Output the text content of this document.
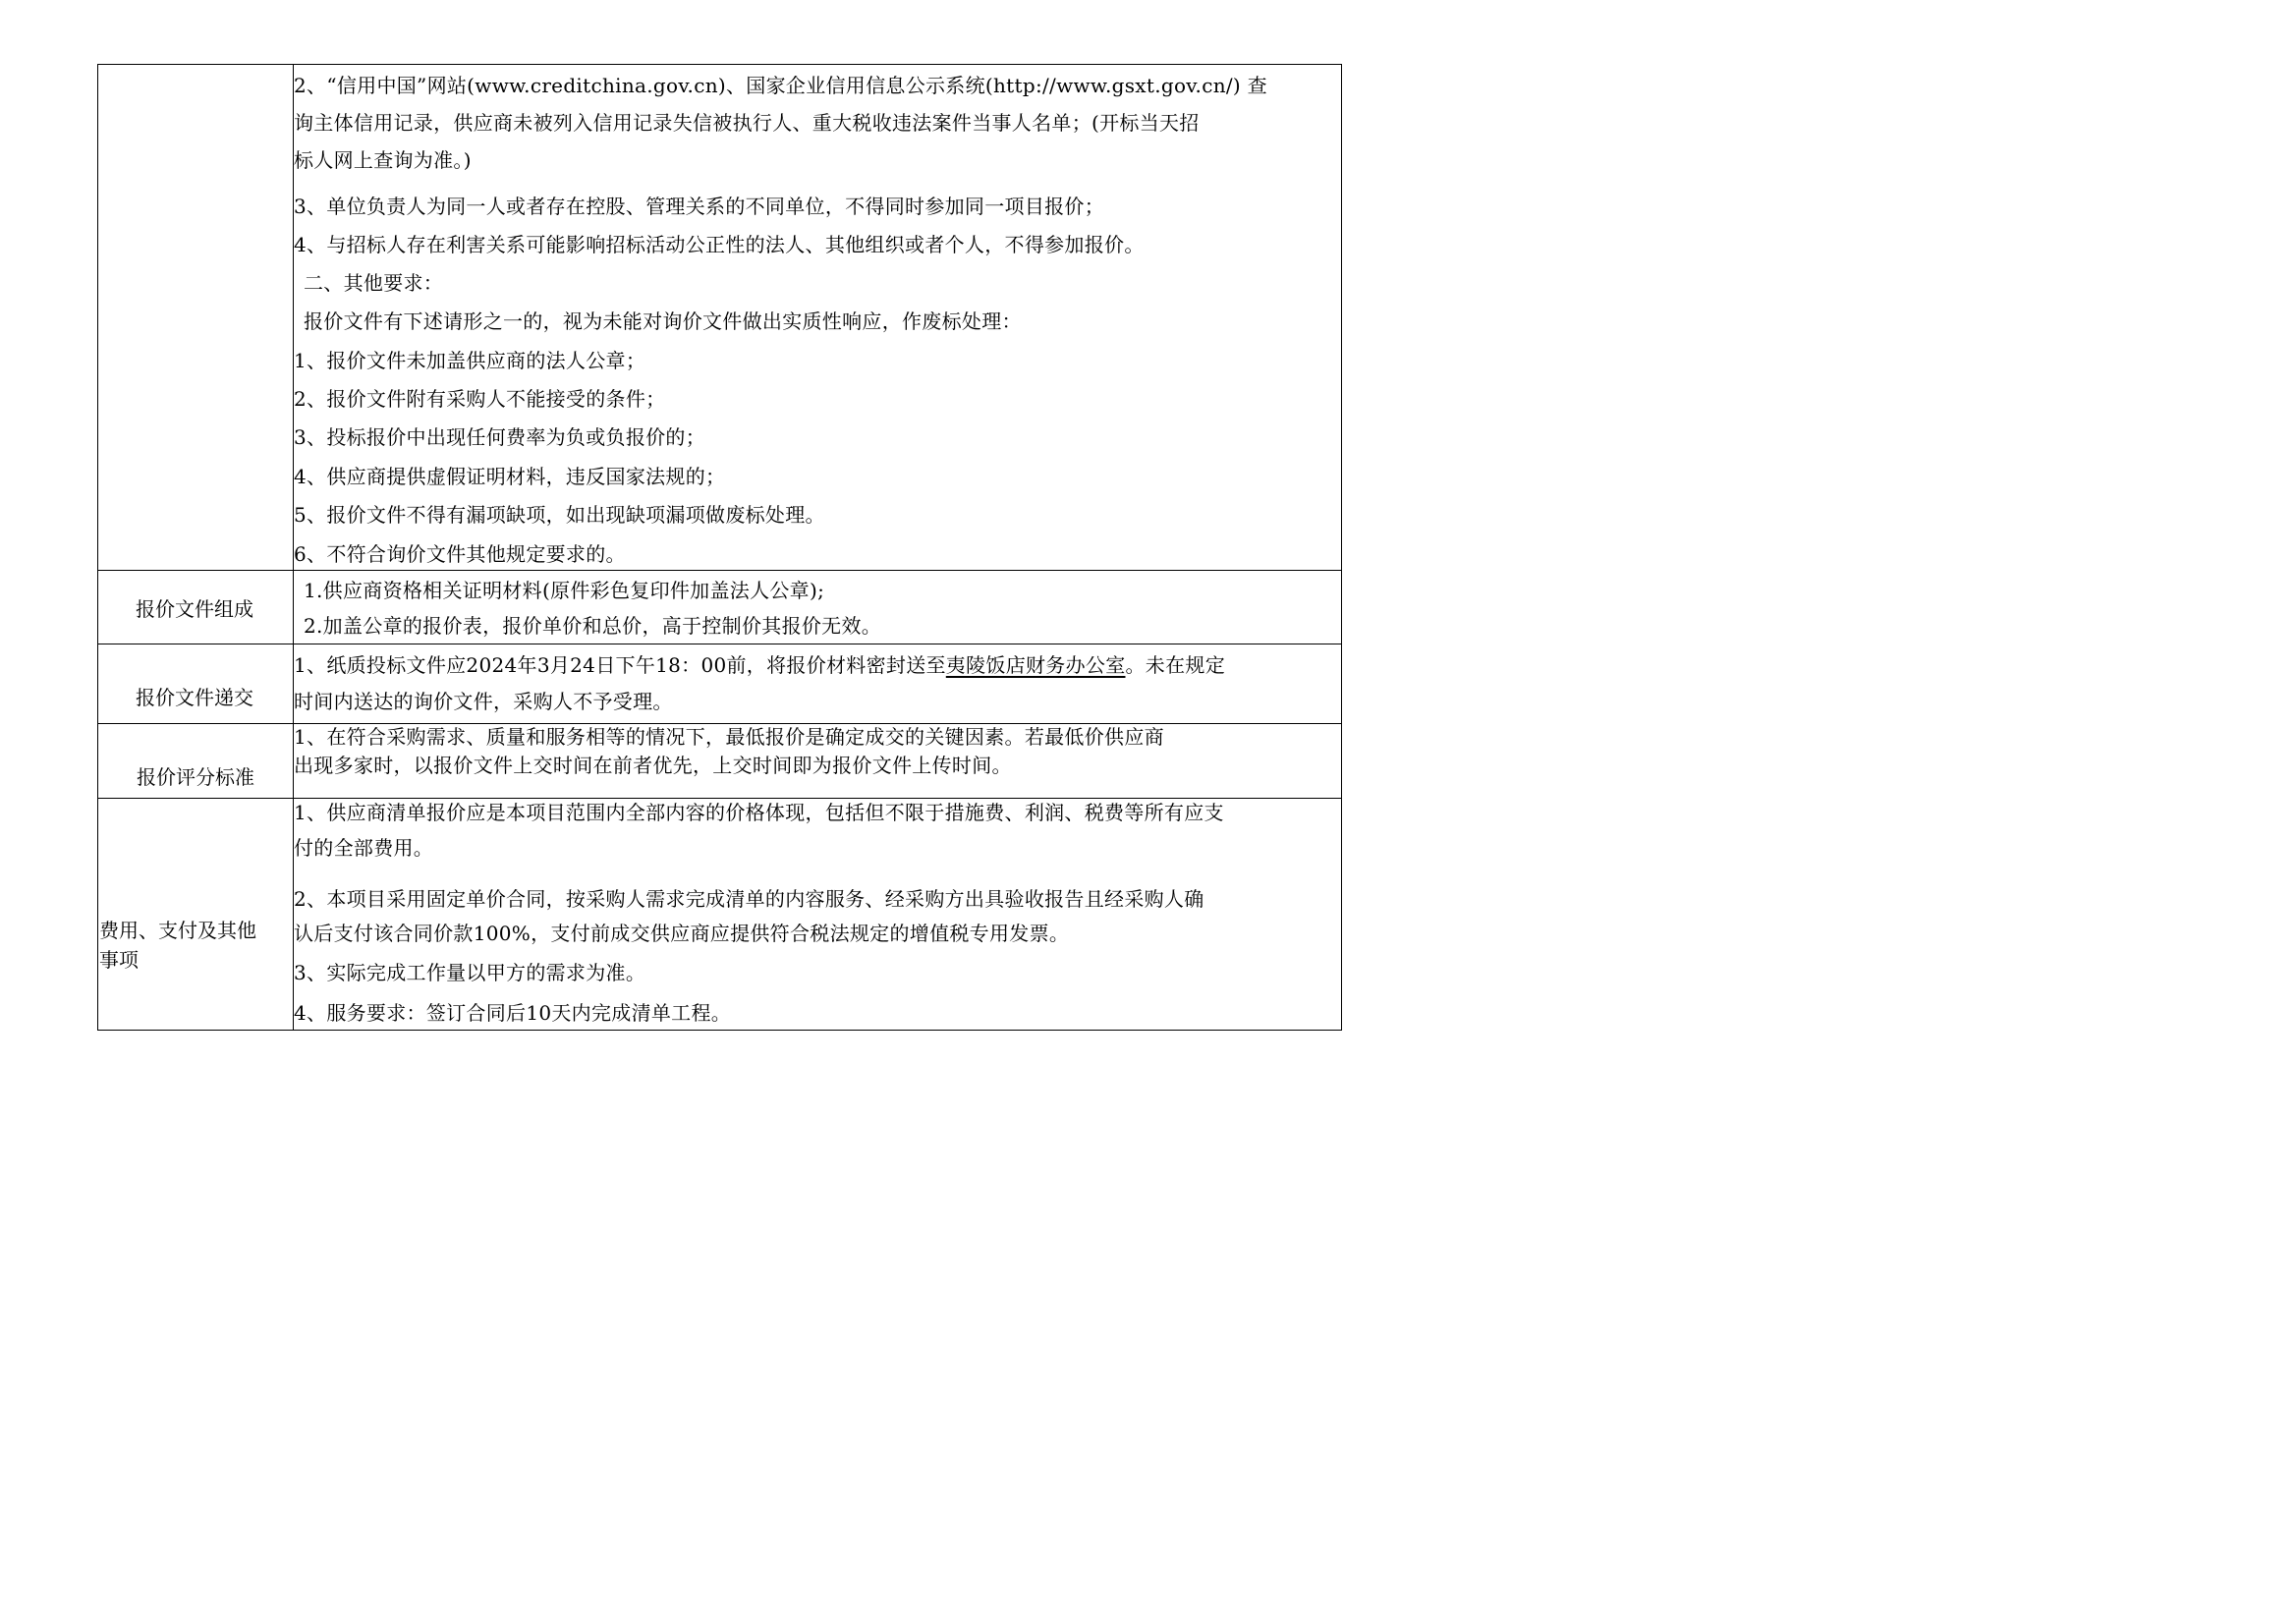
2、“信用中国”网站(www.creditchina.gov.cn)、国家企业信用信息公示系统(http://www.gsxt.gov.cn/) 查
询主体信用记录，供应商未被列入信用记录失信被执行人、重大税收违法案件当事人名单；(开标当天招
标人网上查询为准。)
3、单位负责人为同一人或者存在控股、管理关系的不同单位，不得同时参加同一项目报价；
4、与招标人存在利害关系可能影响招标活动公正性的法人、其他组织或者个人，不得参加报价。
二、其他要求：
报价文件有下述请形之一的，视为未能对询价文件做出实质性响应，作废标处理：
1、报价文件未加盖供应商的法人公章；
2、报价文件附有采购人不能接受的条件；
3、投标报价中出现任何费率为负或负报价的；
4、供应商提供虚假证明材料，违反国家法规的；
5、报价文件不得有漏项缺项，如出现缺项漏项做废标处理。
6、不符合询价文件其他规定要求的。
报价文件组成
1.供应商资格相关证明材料(原件彩色复印件加盖法人公章);
2.加盖公章的报价表，报价单价和总价，高于控制价其报价无效。
报价文件递交
1、纸质投标文件应2024年3月24日下午18：00前，将报价材料密封送至夷陵饭店财务办公室。未在规定
时间内送达的询价文件，采购人不予受理。
报价评分标准
1、在符合采购需求、质量和服务相等的情况下，最低报价是确定成交的关键因素。若最低价供应商
出现多家时，以报价文件上交时间在前者优先，上交时间即为报价文件上传时间。
费用、支付及其他
事项
1、供应商清单报价应是本项目范围内全部内容的价格体现，包括但不限于措施费、利润、税费等所有应支
付的全部费用。
2、本项目采用固定单价合同，按采购人需求完成清单的内容服务、经采购方出具验收报告且经采购人确
认后支付该合同价款100%，支付前成交供应商应提供符合税法规定的增值税专用发票。
3、实际完成工作量以甲方的需求为准。
4、服务要求：签订合同后10天内完成清单工程。
